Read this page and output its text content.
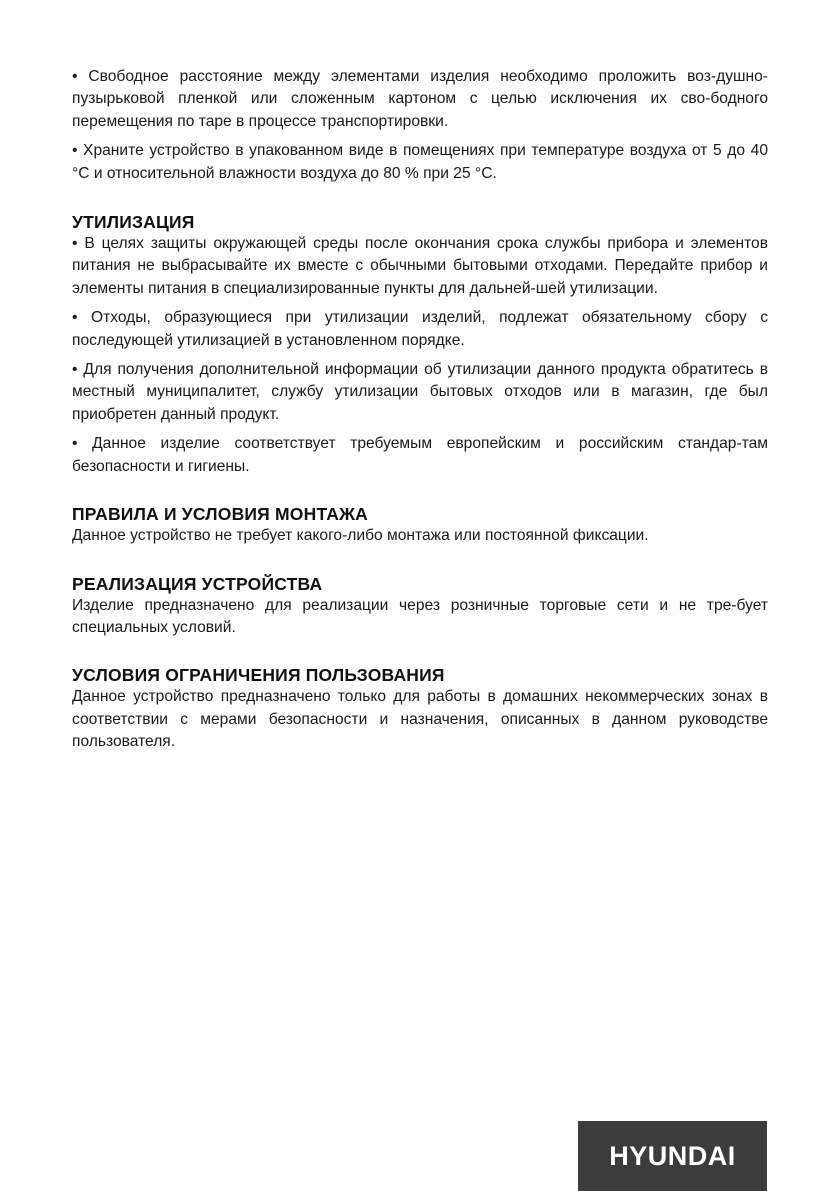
• Свободное расстояние между элементами изделия необходимо проложить воз-душно-пузырьковой пленкой или сложенным картоном с целью исключения их сво-бодного перемещения по таре в процессе транспортировки.

• Храните устройство в упакованном виде в помещениях при температуре воздуха от 5 до 40 °С и относительной влажности воздуха до 80 % при 25 °С.

УТИЛИЗАЦИЯ

• В целях защиты окружающей среды после окончания срока службы прибора и элементов питания не выбрасывайте их вместе с обычными бытовыми отходами. Передайте прибор и элементы питания в специализированные пункты для дальней-шей утилизации.

• Отходы, образующиеся при утилизации изделий, подлежат обязательному сбору с последующей утилизацией в установленном порядке.

• Для получения дополнительной информации об утилизации данного продукта обратитесь в местный муниципалитет, службу утилизации бытовых отходов или в магазин, где был приобретен данный продукт.

• Данное изделие соответствует требуемым европейским и российским стандар-там безопасности и гигиены.

ПРАВИЛА И УСЛОВИЯ МОНТАЖА

Данное устройство не требует какого-либо монтажа или постоянной фиксации.

РЕАЛИЗАЦИЯ УСТРОЙСТВА

Изделие предназначено для реализации через розничные торговые сети и не тре-бует специальных условий.

УСЛОВИЯ ОГРАНИЧЕНИЯ ПОЛЬЗОВАНИЯ

Данное устройство предназначено только для работы в домашних некоммерческих зонах в соответствии с мерами безопасности и назначения, описанных в данном руководстве пользователя.

HYUNDAI
